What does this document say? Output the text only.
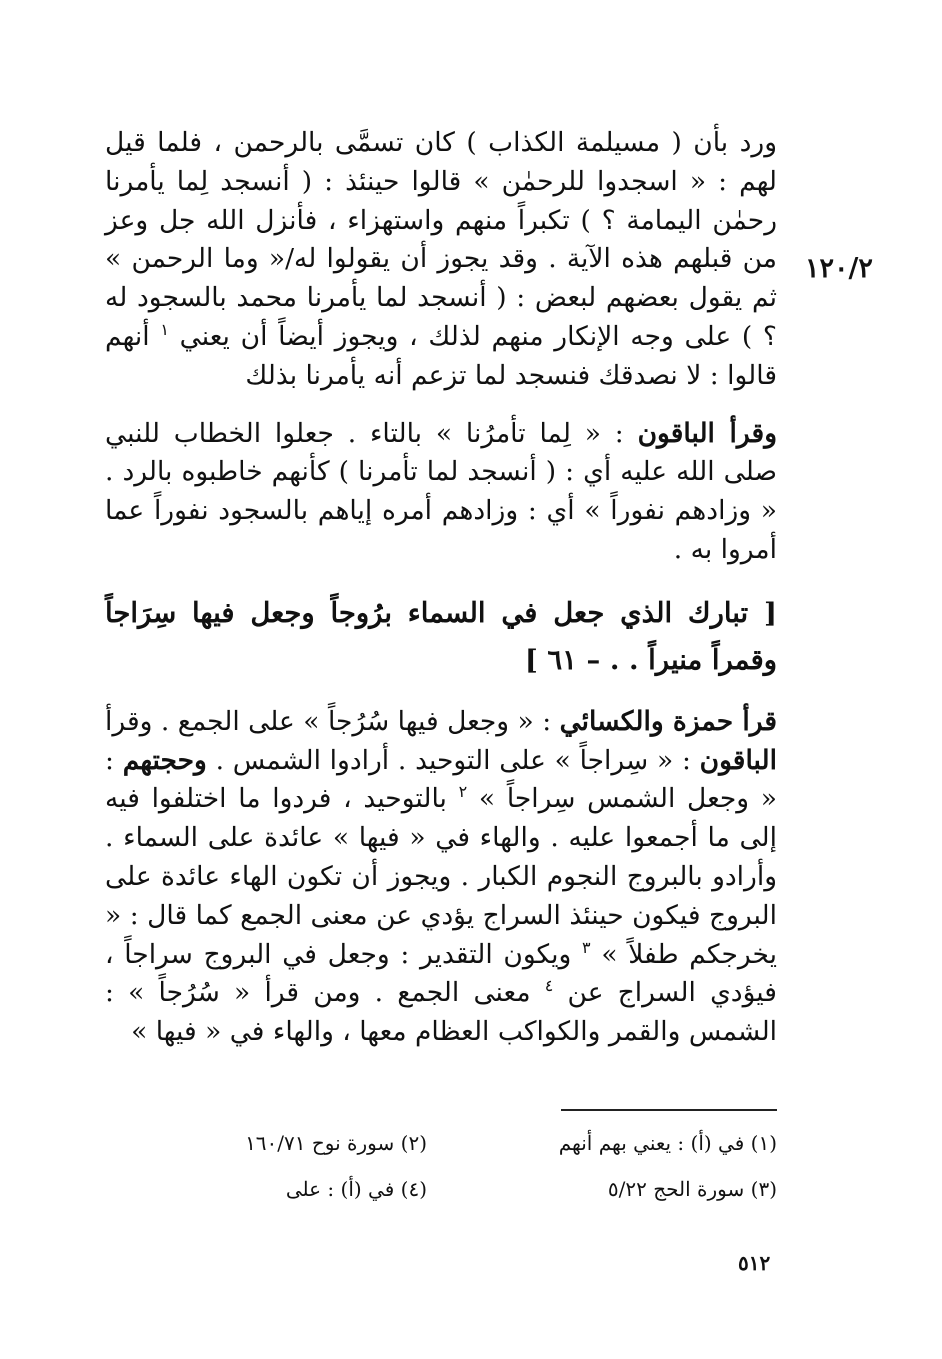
١٢٠/٢

ورد بأن ( مسيلمة الكذاب ) كان تسمَّى بالرحمن ، فلما قيل لهم : « اسجدوا للرحمٰن » قالوا حينئذ : ( أنسجد لِما يأمرنا رحمٰن اليمامة ؟ ) تكبراً منهم واستهزاء ، فأنزل الله جل وعز من قبلهم هذه الآية . وقد يجوز أن يقولوا له/« وما الرحمن » ثم يقول بعضهم لبعض : ( أنسجد لما يأمرنا محمد بالسجود له ؟ ) على وجه الإنكار منهم لذلك ، ويجوز أيضاً أن يعني $^١$ أنهم قالوا : لا نصدقك فنسجد لما تزعم أنه يأمرنا بذلك

وقرأ الباقون : « لِما تأمرُنا » بالتاء . جعلوا الخطاب للنبي صلى الله عليه أي : ( أنسجد لما تأمرنا ) كأنهم خاطبوه بالرد . « وزادهم نفوراً » أي : وزادهم أمره إياهم بالسجود نفوراً عما أمروا به .

[ تبارك الذي جعل في السماء برُوجاً وجعل فيها سِرَاجاً وقمراً منيراً . . – ٦١ ]

قرأ حمزة والكسائي : « وجعل فيها سُرُجاً » على الجمع . وقرأ الباقون : « سِراجاً » على التوحيد . أرادوا الشمس . وحجتهم : « وجعل الشمس سِراجاً » $^٢$ بالتوحيد ، فردوا ما اختلفوا فيه إلى ما أجمعوا عليه . والهاء في « فيها » عائدة على السماء . وأرادو بالبروج النجوم الكبار . ويجوز أن تكون الهاء عائدة على البروج فيكون حينئذ السراج يؤدي عن معنى الجمع كما قال : « يخرجكم طفلاً » $^٣$ ويكون التقدير : وجعل في البروج سراجاً ، فيؤدي السراج عن $^٤$ معنى الجمع . ومن قرأ « سُرُجاً » : الشمس والقمر والكواكب العظام معها ، والهاء في « فيها »

(١) في (أ) : يعني بهم أنهم
(٢) سورة نوح ١٦٠/٧١
(٣) سورة الحج ٥/٢٢
(٤) في (أ) : على
٥١٢
